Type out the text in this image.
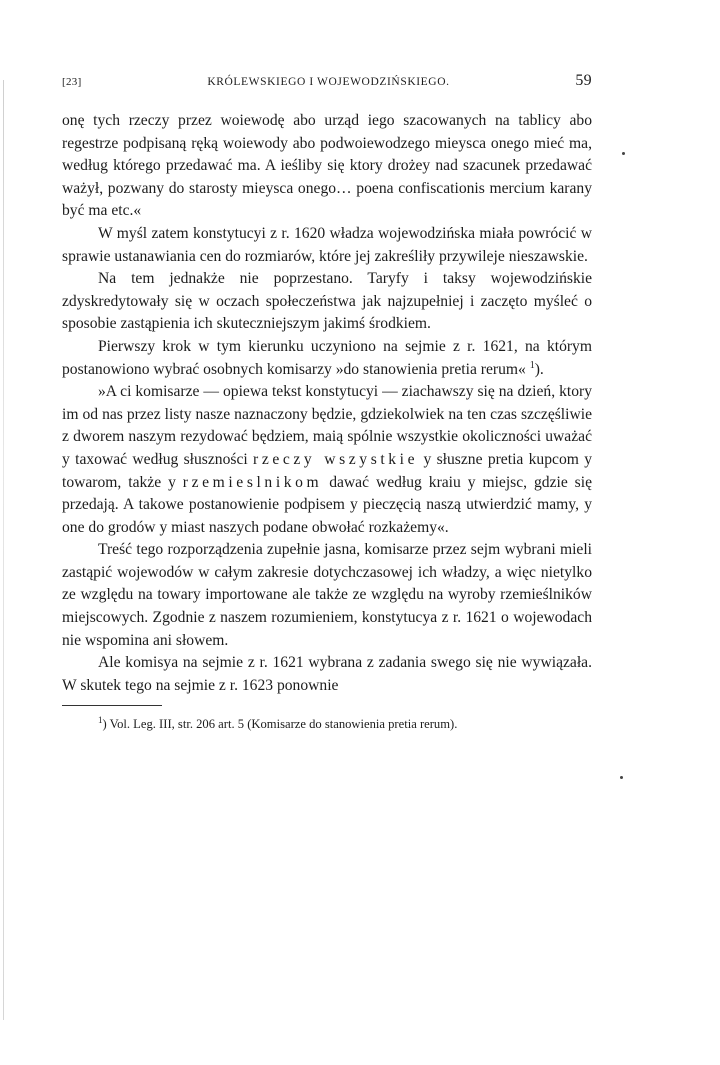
[23]	KRÓLEWSKIEGO I WOJEWODZIŃSKIEGO.	59

onę tych rzeczy przez woiewodę abo urząd iego szacowanych na tablicy abo regestrze podpisaną ręką woiewody abo podwoiewodzego mieysca onego mieć ma, według którego przedawać ma. A ieśliby się ktory drożey nad szacunek przedawać ważył, pozwany do starosty mieysca onego… poena confiscationis mercium karany być ma etc.«

W myśl zatem konstytucyi z r. 1620 władza wojewodzińska miała powrócić w sprawie ustanawiania cen do rozmiarów, które jej zakreśliły przywileje nieszawskie.

Na tem jednakże nie poprzestano. Taryfy i taksy wojewodzińskie zdyskredytowały się w oczach społeczeństwa jak najzupełniej i zaczęto myśleć o sposobie zastąpienia ich skuteczniejszym jakimś środkiem.

Pierwszy krok w tym kierunku uczyniono na sejmie z r. 1621, na którym postanowiono wybrać osobnych komisarzy »do stanowienia pretia rerum« $^1$).

»A ci komisarze — opiewa tekst konstytucyi — ziachawszy się na dzień, ktory im od nas przez listy nasze naznaczony będzie, gdziekolwiek na ten czas szczęśliwie z dworem naszym rezydować będziem, maią spólnie wszystkie okoliczności uważać y taxować według słuszności rzeczy wszystkie y słuszne pretia kupcom y towarom, także y rzemieslnikom dawać według kraiu y miejsc, gdzie się przedają. A takowe postanowienie podpisem y pieczęcią naszą utwierdzić mamy, y one do grodów y miast naszych podane obwołać rozkażemy«.

Treść tego rozporządzenia zupełnie jasna, komisarze przez sejm wybrani mieli zastąpić wojewodów w całym zakresie dotychczasowej ich władzy, a więc nietylko ze względu na towary importowane ale także ze względu na wyroby rzemieślników miejscowych. Zgodnie z naszem rozumieniem, konstytucya z r. 1621 o wojewodach nie wspomina ani słowem.

Ale komisya na sejmie z r. 1621 wybrana z zadania swego się nie wywiązała. W skutek tego na sejmie z r. 1623 ponownie

$^1$) Vol. Leg. III, str. 206 art. 5 (Komisarze do stanowienia pretia rerum).
